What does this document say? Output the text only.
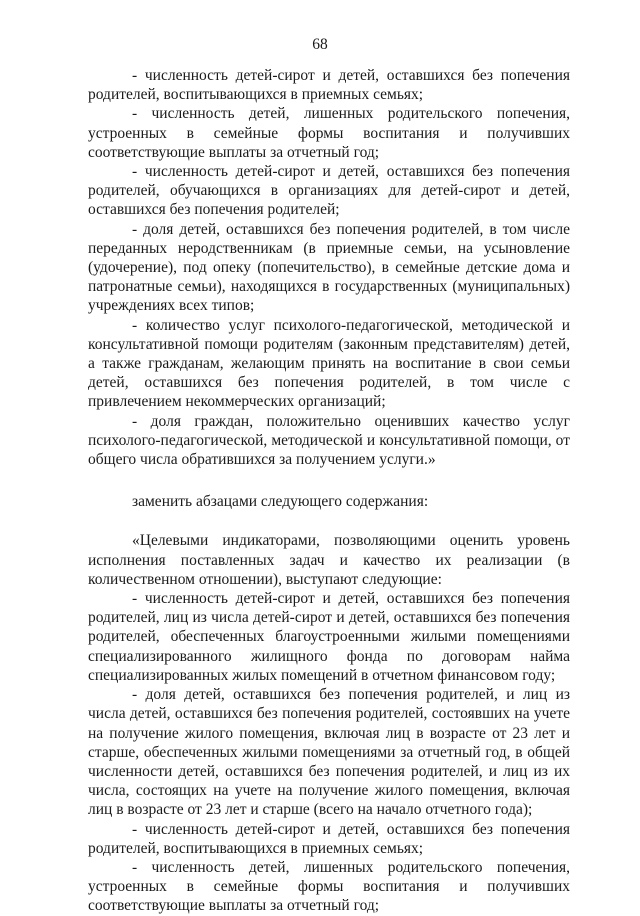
68

- численность детей-сирот и детей, оставшихся без попечения родителей, воспитывающихся в приемных семьях;

- численность детей, лишенных родительского попечения, устроенных в семейные формы воспитания и получивших соответствующие выплаты за отчетный год;

- численность детей-сирот и детей, оставшихся без попечения родителей, обучающихся в организациях для детей-сирот и детей, оставшихся без попечения родителей;

- доля детей, оставшихся без попечения родителей, в том числе переданных неродственникам (в приемные семьи, на усыновление (удочерение), под опеку (попечительство), в семейные детские дома и патронатные семьи), находящихся в государственных (муниципальных) учреждениях всех типов;

- количество услуг психолого-педагогической, методической и консультативной помощи родителям (законным представителям) детей, а также гражданам, желающим принять на воспитание в свои семьи детей, оставшихся без попечения родителей, в том числе с привлечением некоммерческих организаций;

- доля граждан, положительно оценивших качество услуг психолого-педагогической, методической и консультативной помощи, от общего числа обратившихся за получением услуги.»

заменить абзацами следующего содержания:

«Целевыми индикаторами, позволяющими оценить уровень исполнения поставленных задач и качество их реализации (в количественном отношении), выступают следующие:

- численность детей-сирот и детей, оставшихся без попечения родителей, лиц из числа детей-сирот и детей, оставшихся без попечения родителей, обеспеченных благоустроенными жилыми помещениями специализированного жилищного фонда по договорам найма специализированных жилых помещений в отчетном финансовом году;

- доля детей, оставшихся без попечения родителей, и лиц из числа детей, оставшихся без попечения родителей, состоявших на учете на получение жилого помещения, включая лиц в возрасте от 23 лет и старше, обеспеченных жилыми помещениями за отчетный год, в общей численности детей, оставшихся без попечения родителей, и лиц из их числа, состоящих на учете на получение жилого помещения, включая лиц в возрасте от 23 лет и старше (всего на начало отчетного года);

- численность детей-сирот и детей, оставшихся без попечения родителей, воспитывающихся в приемных семьях;

- численность детей, лишенных родительского попечения, устроенных в семейные формы воспитания и получивших соответствующие выплаты за отчетный год;
